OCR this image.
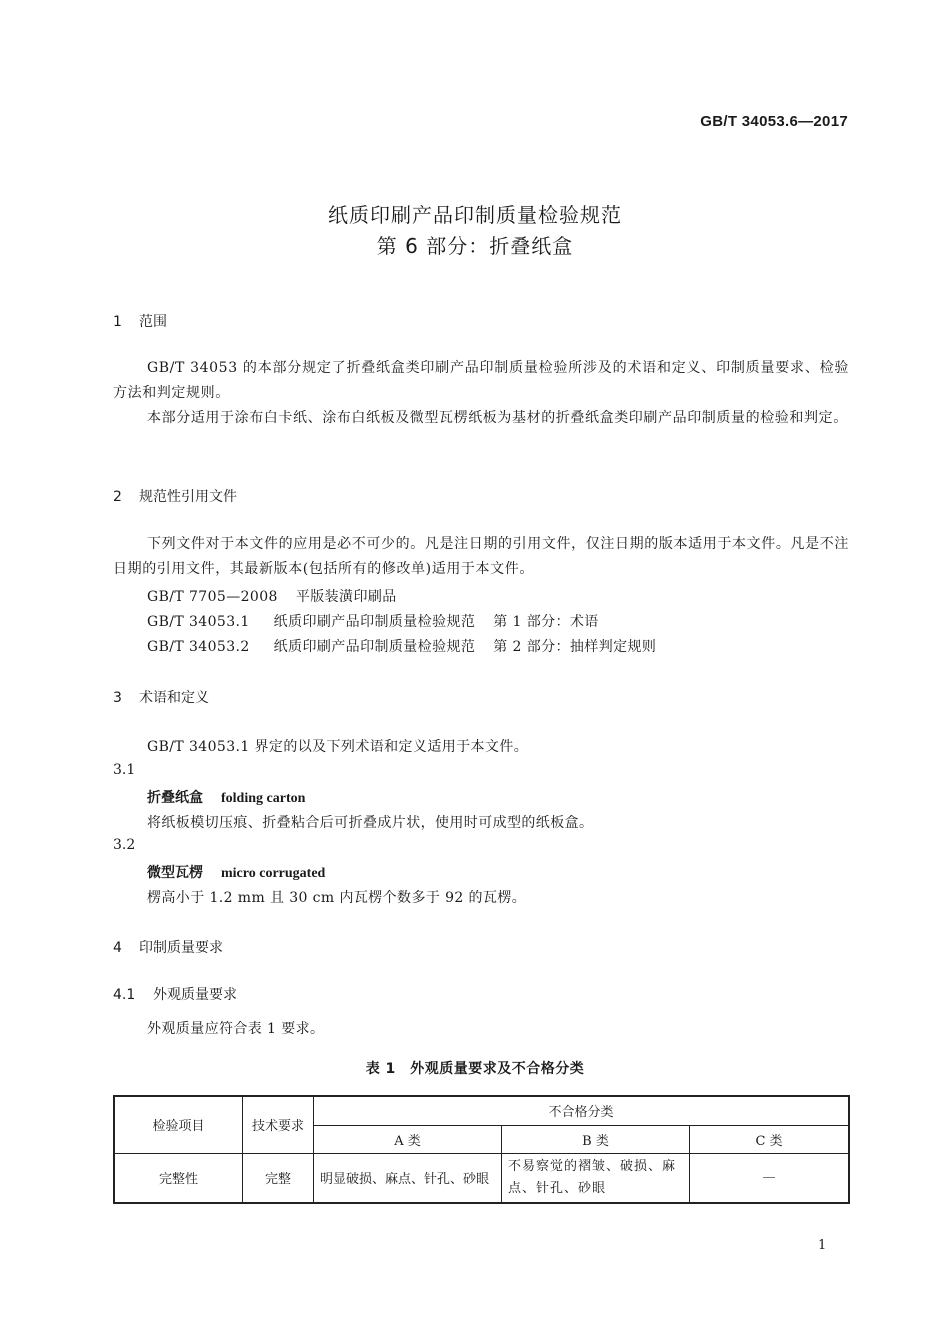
GB/T 34053.6—2017
纸质印刷产品印制质量检验规范
第 6 部分：折叠纸盒
1 范围
GB/T 34053 的本部分规定了折叠纸盒类印刷产品印制质量检验所涉及的术语和定义、印制质量要求、检验方法和判定规则。
本部分适用于涂布白卡纸、涂布白纸板及微型瓦楞纸板为基材的折叠纸盒类印刷产品印制质量的检验和判定。
2 规范性引用文件
下列文件对于本文件的应用是必不可少的。凡是注日期的引用文件，仅注日期的版本适用于本文件。凡是不注日期的引用文件，其最新版本(包括所有的修改单)适用于本文件。
GB/T 7705—2008 平版装潢印刷品
GB/T 34053.1 纸质印刷产品印制质量检验规范 第 1 部分：术语
GB/T 34053.2 纸质印刷产品印制质量检验规范 第 2 部分：抽样判定规则
3 术语和定义
GB/T 34053.1 界定的以及下列术语和定义适用于本文件。
3.1
折叠纸盒 folding carton
将纸板模切压痕、折叠粘合后可折叠成片状，使用时可成型的纸板盒。
3.2
微型瓦楞 micro corrugated
楞高小于 1.2 mm 且 30 cm 内瓦楞个数多于 92 的瓦楞。
4 印制质量要求
4.1 外观质量要求
外观质量应符合表 1 要求。
表 1　外观质量要求及不合格分类
检验项目	技术要求	不合格分类		
		A 类	B 类	C 类
完整性	完整	明显破损、麻点、针孔、砂眼	不易察觉的褶皱、破损、麻点、针孔、砂眼	—
1
